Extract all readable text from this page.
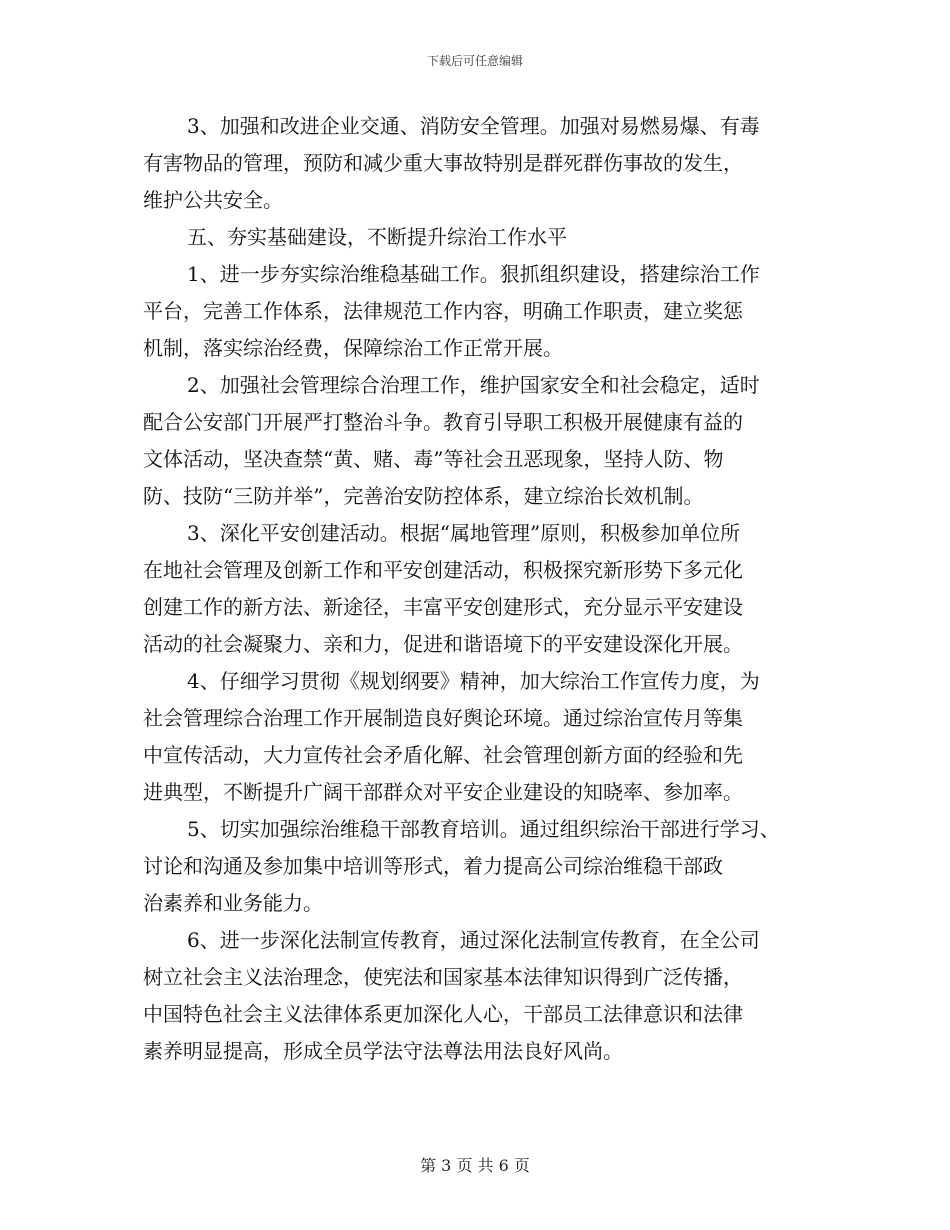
下载后可任意编辑
3、加强和改进企业交通、消防安全管理。加强对易燃易爆、有毒
有害物品的管理，预防和减少重大事故特别是群死群伤事故的发生，
维护公共安全。
五、夯实基础建设，不断提升综治工作水平
1、进一步夯实综治维稳基础工作。狠抓组织建设，搭建综治工作
平台，完善工作体系，法律规范工作内容，明确工作职责，建立奖惩
机制，落实综治经费，保障综治工作正常开展。
2、加强社会管理综合治理工作，维护国家安全和社会稳定，适时
配合公安部门开展严打整治斗争。教育引导职工积极开展健康有益的
文体活动，坚决查禁“黄、赌、毒”等社会丑恶现象，坚持人防、物
防、技防“三防并举”，完善治安防控体系，建立综治长效机制。
3、深化平安创建活动。根据“属地管理”原则，积极参加单位所
在地社会管理及创新工作和平安创建活动，积极探究新形势下多元化
创建工作的新方法、新途径，丰富平安创建形式，充分显示平安建设
活动的社会凝聚力、亲和力，促进和谐语境下的平安建设深化开展。
4、仔细学习贯彻《规划纲要》精神，加大综治工作宣传力度，为
社会管理综合治理工作开展制造良好舆论环境。通过综治宣传月等集
中宣传活动，大力宣传社会矛盾化解、社会管理创新方面的经验和先
进典型，不断提升广阔干部群众对平安企业建设的知晓率、参加率。
5、切实加强综治维稳干部教育培训。通过组织综治干部进行学习、
讨论和沟通及参加集中培训等形式，着力提高公司综治维稳干部政
治素养和业务能力。
6、进一步深化法制宣传教育，通过深化法制宣传教育，在全公司
树立社会主义法治理念，使宪法和国家基本法律知识得到广泛传播，
中国特色社会主义法律体系更加深化人心，干部员工法律意识和法律
素养明显提高，形成全员学法守法尊法用法良好风尚。
第 3 页 共 6 页
